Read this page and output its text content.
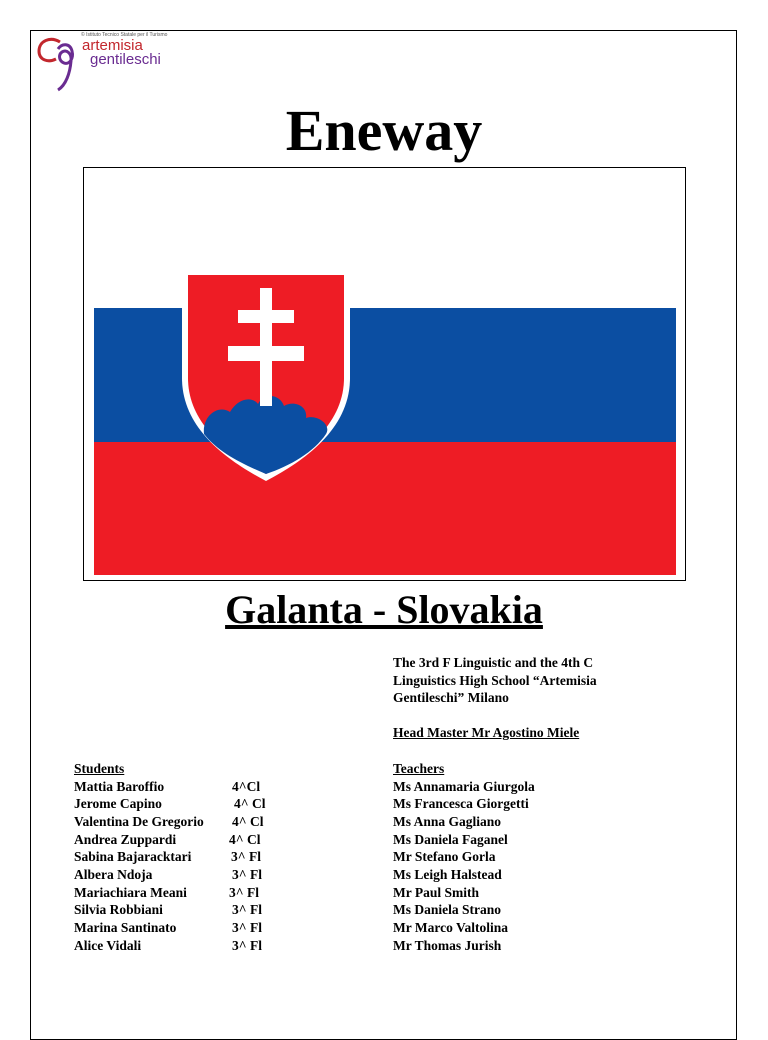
© Istituto Tecnico Statale per il Turismo
artemisia
gentileschi
Eneway
Galanta - Slovakia
The 3rd F Linguistic and the 4th C
Linguistics High School “Artemisia
Gentileschi” Milano
Head Master Mr Agostino Miele
Students
Mattia Baroffio	4^Cl
Jerome Capino	4^ Cl
Valentina De Gregorio 4^ Cl
Andrea Zuppardi	4^ Cl
Sabina Bajaracktari	3^ Fl
Albera Ndoja	3^ Fl
Mariachiara Meani	3^ Fl
Silvia Robbiani	3^ Fl
Marina Santinato	3^ Fl
Alice Vidali	3^ Fl
Teachers
Ms Annamaria Giurgola
Ms Francesca Giorgetti
Ms Anna Gagliano
Ms Daniela Faganel
Mr Stefano Gorla
Ms Leigh Halstead
Mr Paul Smith
Ms Daniela Strano
Mr Marco Valtolina
Mr Thomas Jurish
